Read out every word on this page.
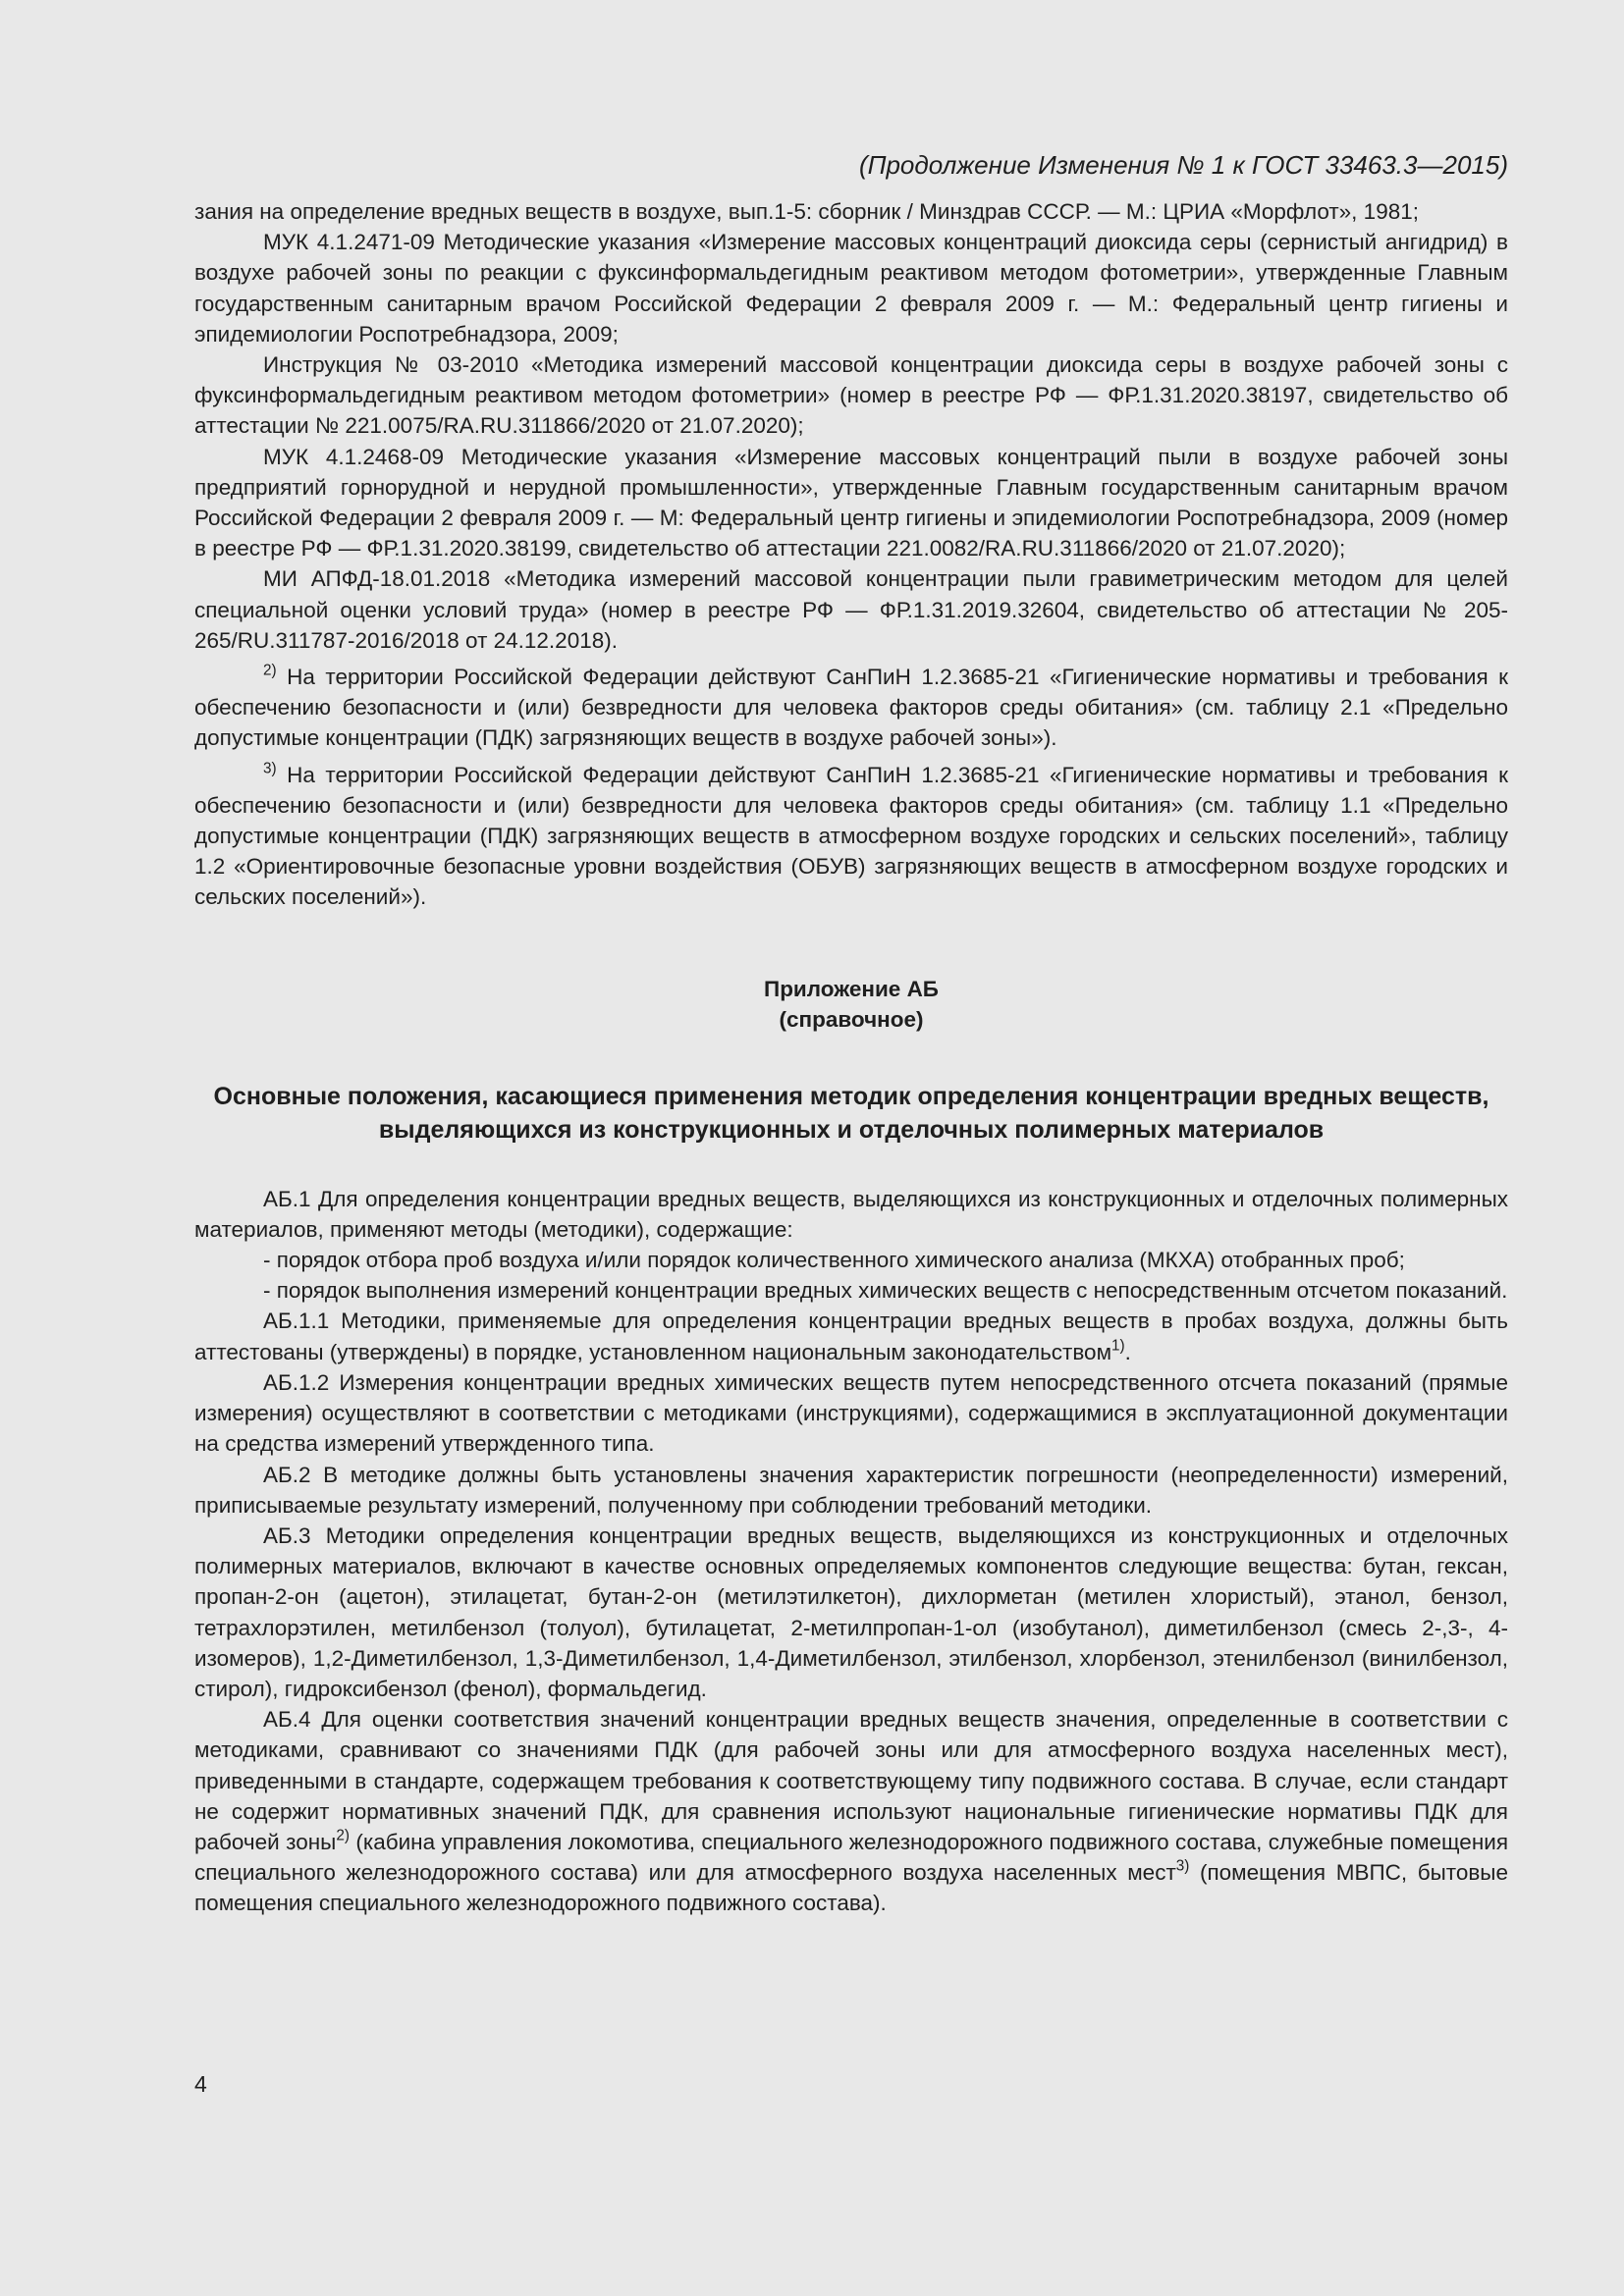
(Продолжение Изменения № 1 к ГОСТ 33463.3—2015)

зания на определение вредных веществ в воздухе, вып.1-5: сборник / Минздрав СССР. — М.: ЦРИА «Морфлот», 1981;

МУК 4.1.2471-09 Методические указания «Измерение массовых концентраций диоксида серы (сернистый ангидрид) в воздухе рабочей зоны по реакции с фуксинформальдегидным реактивом методом фотометрии», утвержденные Главным государственным санитарным врачом Российской Федерации 2 февраля 2009 г. — М.: Федеральный центр гигиены и эпидемиологии Роспотребнадзора, 2009;

Инструкция № 03-2010 «Методика измерений массовой концентрации диоксида серы в воздухе рабочей зоны с фуксинформальдегидным реактивом методом фотометрии» (номер в реестре РФ — ФР.1.31.2020.38197, свидетельство об аттестации № 221.0075/RA.RU.311866/2020 от 21.07.2020);

МУК 4.1.2468-09 Методические указания «Измерение массовых концентраций пыли в воздухе рабочей зоны предприятий горнорудной и нерудной промышленности», утвержденные Главным государственным санитарным врачом Российской Федерации 2 февраля 2009 г. — М: Федеральный центр гигиены и эпидемиологии Роспотребнадзора, 2009 (номер в реестре РФ — ФР.1.31.2020.38199, свидетельство об аттестации 221.0082/RA.RU.311866/2020 от 21.07.2020);

МИ АПФД-18.01.2018 «Методика измерений массовой концентрации пыли гравиметрическим методом для целей специальной оценки условий труда» (номер в реестре РФ — ФР.1.31.2019.32604, свидетельство об аттестации № 205-265/RU.311787-2016/2018 от 24.12.2018).

$^{2)}$ На территории Российской Федерации действуют СанПиН 1.2.3685-21 «Гигиенические нормативы и требования к обеспечению безопасности и (или) безвредности для человека факторов среды обитания» (см. таблицу 2.1 «Предельно допустимые концентрации (ПДК) загрязняющих веществ в воздухе рабочей зоны»).

$^{3)}$ На территории Российской Федерации действуют СанПиН 1.2.3685-21 «Гигиенические нормативы и требования к обеспечению безопасности и (или) безвредности для человека факторов среды обитания» (см. таблицу 1.1 «Предельно допустимые концентрации (ПДК) загрязняющих веществ в атмосферном воздухе городских и сельских поселений», таблицу 1.2 «Ориентировочные безопасные уровни воздействия (ОБУВ) загрязняющих веществ в атмосферном воздухе городских и сельских поселений»).

Приложение АБ

(справочное)

Основные положения, касающиеся применения методик определения концентрации вредных веществ, выделяющихся из конструкционных и отделочных полимерных материалов

АБ.1 Для определения концентрации вредных веществ, выделяющихся из конструкционных и отделочных полимерных материалов, применяют методы (методики), содержащие:

- порядок отбора проб воздуха и/или порядок количественного химического анализа (МКХА) отобранных проб;

- порядок выполнения измерений концентрации вредных химических веществ с непосредственным отсчетом показаний.

АБ.1.1 Методики, применяемые для определения концентрации вредных веществ в пробах воздуха, должны быть аттестованы (утверждены) в порядке, установленном национальным законодательством$^{1)}$.

АБ.1.2 Измерения концентрации вредных химических веществ путем непосредственного отсчета показаний (прямые измерения) осуществляют в соответствии с методиками (инструкциями), содержащимися в эксплуатационной документации на средства измерений утвержденного типа.

АБ.2 В методике должны быть установлены значения характеристик погрешности (неопределенности) измерений, приписываемые результату измерений, полученному при соблюдении требований методики.

АБ.3 Методики определения концентрации вредных веществ, выделяющихся из конструкционных и отделочных полимерных материалов, включают в качестве основных определяемых компонентов следующие вещества: бутан, гексан, пропан-2-он (ацетон), этилацетат, бутан-2-он (метилэтилкетон), дихлорметан (метилен хлористый), этанол, бензол, тетрахлорэтилен, метилбензол (толуол), бутилацетат, 2-метилпропан-1-ол (изобутанол), диметилбензол (смесь 2-,3-, 4-изомеров), 1,2-Диметилбензол, 1,3-Диметилбензол, 1,4-Диметилбензол, этилбензол, хлорбензол, этенилбензол (винилбензол, стирол), гидроксибензол (фенол), формальдегид.

АБ.4 Для оценки соответствия значений концентрации вредных веществ значения, определенные в соответствии с методиками, сравнивают со значениями ПДК (для рабочей зоны или для атмосферного воздуха населенных мест), приведенными в стандарте, содержащем требования к соответствующему типу подвижного состава. В случае, если стандарт не содержит нормативных значений ПДК, для сравнения используют национальные гигиенические нормативы ПДК для рабочей зоны$^{2)}$ (кабина управления локомотива, специального железнодорожного подвижного состава, служебные помещения специального железнодорожного состава) или для атмосферного воздуха населенных мест$^{3)}$ (помещения МВПС, бытовые помещения специального железнодорожного подвижного состава).

4
